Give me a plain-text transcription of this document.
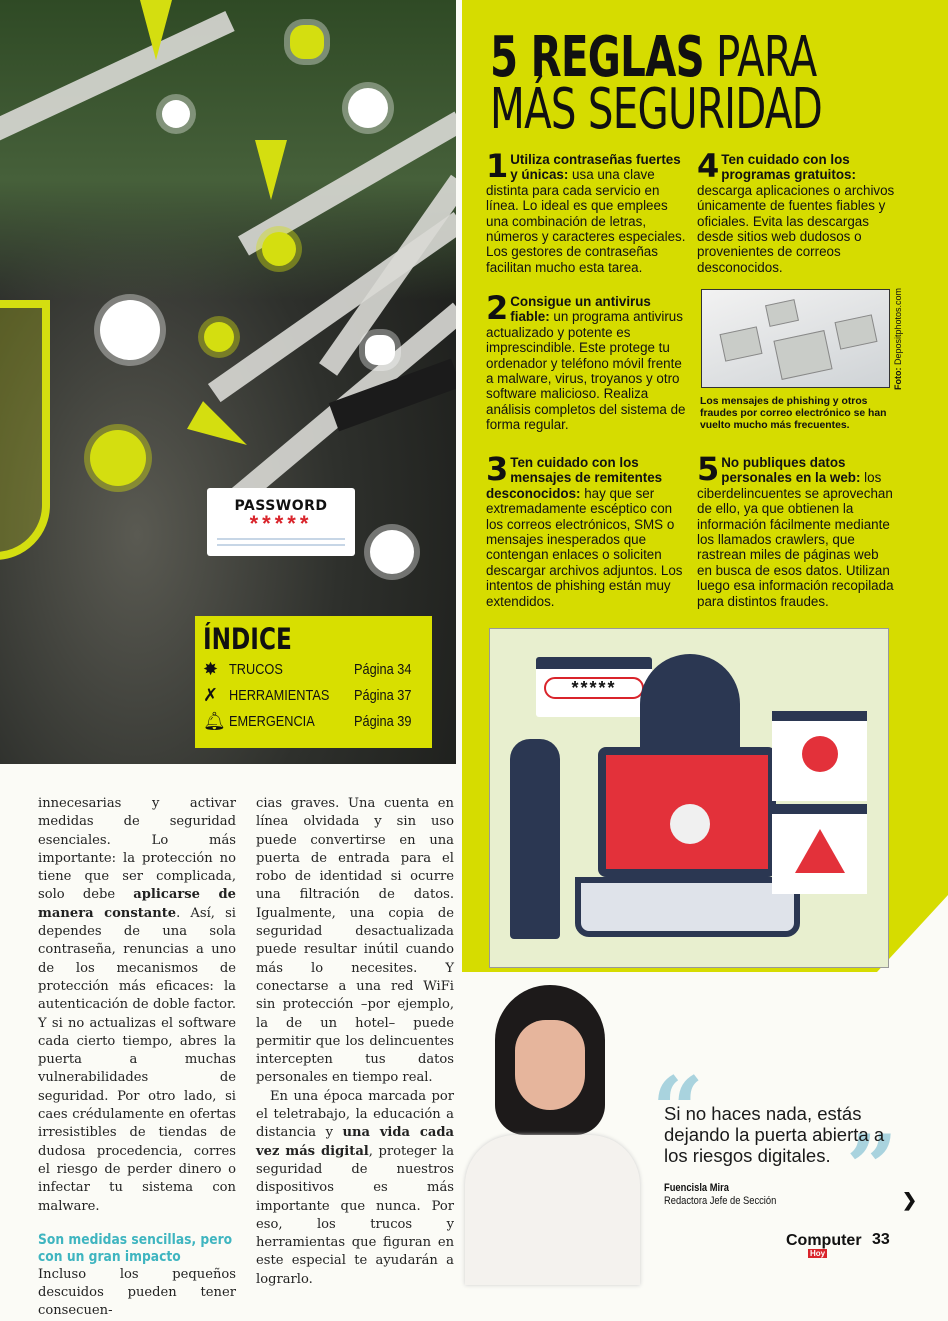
PASSWORD
*****
ÍNDICE
✸ TRUCOS	Página 34
✗ HERRAMIENTAS	Página 37
🔔︎ EMERGENCIA	Página 39
5 REGLAS PARA
MÁS SEGURIDAD
1 Utiliza contraseñas fuertes y únicas: usa una clave distinta para cada servicio en línea. Lo ideal es que emplees una combinación de letras, números y caracteres especiales. Los gestores de contraseñas facilitan mucho esta tarea.
2 Consigue un antivirus fiable: un programa antivirus actualizado y potente es imprescindible. Este protege tu ordenador y teléfono móvil frente a malware, virus, troyanos y otro software malicioso. Realiza análisis completos del sistema de forma regular.
3 Ten cuidado con los mensajes de remitentes desconocidos: hay que ser extremadamente escéptico con los correos electrónicos, SMS o mensajes inesperados que contengan enlaces o soliciten descargar archivos adjuntos. Los intentos de phishing están muy extendidos.
4 Ten cuidado con los programas gratuitos: descarga aplicaciones o archivos únicamente de fuentes fiables y oficiales. Evita las descargas desde sitios web dudosos o provenientes de correos desconocidos.
5 No publiques datos personales en la web: los ciberdelincuentes se aprovechan de ello, ya que obtienen la información fácilmente mediante los llamados crawlers, que rastrean miles de páginas web en busca de esos datos. Utilizan luego esa información recopilada para distintos fraudes.
Foto: Depositphotos.com
Los mensajes de phishing y otros fraudes por correo electrónico se han vuelto mucho más frecuentes.
*****

innecesarias y activar medidas de seguridad esenciales. Lo más importante: la protección no tiene que ser complicada, solo debe aplicarse de manera constante. Así, si dependes de una sola contraseña, renuncias a uno de los mecanismos de protección más eficaces: la autenticación de doble factor. Y si no actualizas el software cada cierto tiempo, abres la puerta a muchas vulnerabilidades de seguridad. Por otro lado, si caes crédulamente en ofertas irresistibles de tiendas de dudosa procedencia, corres el riesgo de perder dinero o infectar tu sistema con malware.

Son medidas sencillas, pero con un gran impacto

Incluso los pequeños descuidos pueden tener consecuen-

cias graves. Una cuenta en línea olvidada y sin uso puede convertirse en una puerta de entrada para el robo de identidad si ocurre una filtración de datos. Igualmente, una copia de seguridad desactualizada puede resultar inútil cuando más lo necesites. Y conectarse a una red WiFi sin protección –por ejemplo, la de un hotel– puede permitir que los delincuentes intercepten tus datos personales en tiempo real.

En una época marcada por el teletrabajo, la educación a distancia y una vida cada vez más digital, proteger la seguridad de nuestros dispositivos es más importante que nunca. Por eso, los trucos y herramientas que figuran en este especial te ayudarán a lograrlo.

“
”
Si no haces nada, estás dejando la puerta abierta a los riesgos digitales.
Fuencisla Mira
Redactora Jefe de Sección	❯
Computer
Hoy
33
